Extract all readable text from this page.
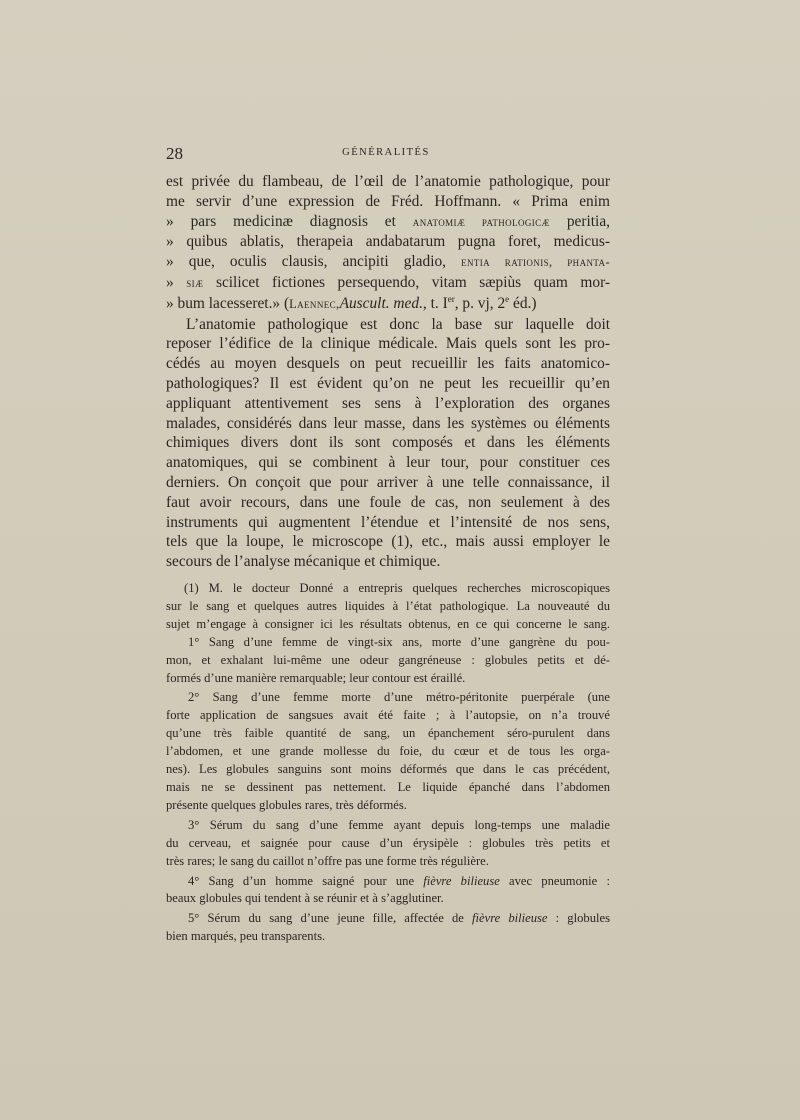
28	GÉNÉRALITÉS
est privée du flambeau, de l’œil de l’anatomie pathologique, pour
me servir d’une expression de Fréd. Hoffmann. « Prima enim
» pars medicinæ diagnosis et anatomiæ pathologicæ peritia,
» quibus ablatis, therapeia andabatarum pugna foret, medicus-
» que, oculis clausis, ancipiti gladio, entia rationis, phanta-
» siæ scilicet fictiones persequendo, vitam sæpiùs quam mor-
» bum lacesseret.» (Laennec,Auscult. med., t. Ier, p. vj, 2e éd.)
L’anatomie pathologique est donc la base sur laquelle doit
reposer l’édifice de la clinique médicale. Mais quels sont les pro-
cédés au moyen desquels on peut recueillir les faits anatomico-
pathologiques? Il est évident qu’on ne peut les recueillir qu’en
appliquant attentivement ses sens à l’exploration des organes
malades, considérés dans leur masse, dans les systèmes ou éléments
chimiques divers dont ils sont composés et dans les éléments
anatomiques, qui se combinent à leur tour, pour constituer ces
derniers. On conçoit que pour arriver à une telle connaissance, il
faut avoir recours, dans une foule de cas, non seulement à des
instruments qui augmentent l’étendue et l’intensité de nos sens,
tels que la loupe, le microscope (1), etc., mais aussi employer le
secours de l’analyse mécanique et chimique.
(1) M. le docteur Donné a entrepris quelques recherches microscopiques
sur le sang et quelques autres liquides à l’état pathologique. La nouveauté du
sujet m’engage à consigner ici les résultats obtenus, en ce qui concerne le sang.
1° Sang d’une femme de vingt-six ans, morte d’une gangrène du pou-
mon, et exhalant lui-même une odeur gangréneuse : globules petits et dé-
formés d’une manière remarquable; leur contour est éraillé.
2° Sang d’une femme morte d’une métro-péritonite puerpérale (une
forte application de sangsues avait été faite ; à l’autopsie, on n’a trouvé
qu’une très faible quantité de sang, un épanchement séro-purulent dans
l’abdomen, et une grande mollesse du foie, du cœur et de tous les orga-
nes). Les globules sanguins sont moins déformés que dans le cas précédent,
mais ne se dessinent pas nettement. Le liquide épanché dans l’abdomen
présente quelques globules rares, très déformés.
3° Sérum du sang d’une femme ayant depuis long-temps une maladie
du cerveau, et saignée pour cause d’un érysipèle : globules très petits et
très rares; le sang du caillot n’offre pas une forme très régulière.
4° Sang d’un homme saigné pour une fièvre bilieuse avec pneumonie :
beaux globules qui tendent à se réunir et à s’agglutiner.
5° Sérum du sang d’une jeune fille, affectée de fièvre bilieuse : globules
bien marqués, peu transparents.
